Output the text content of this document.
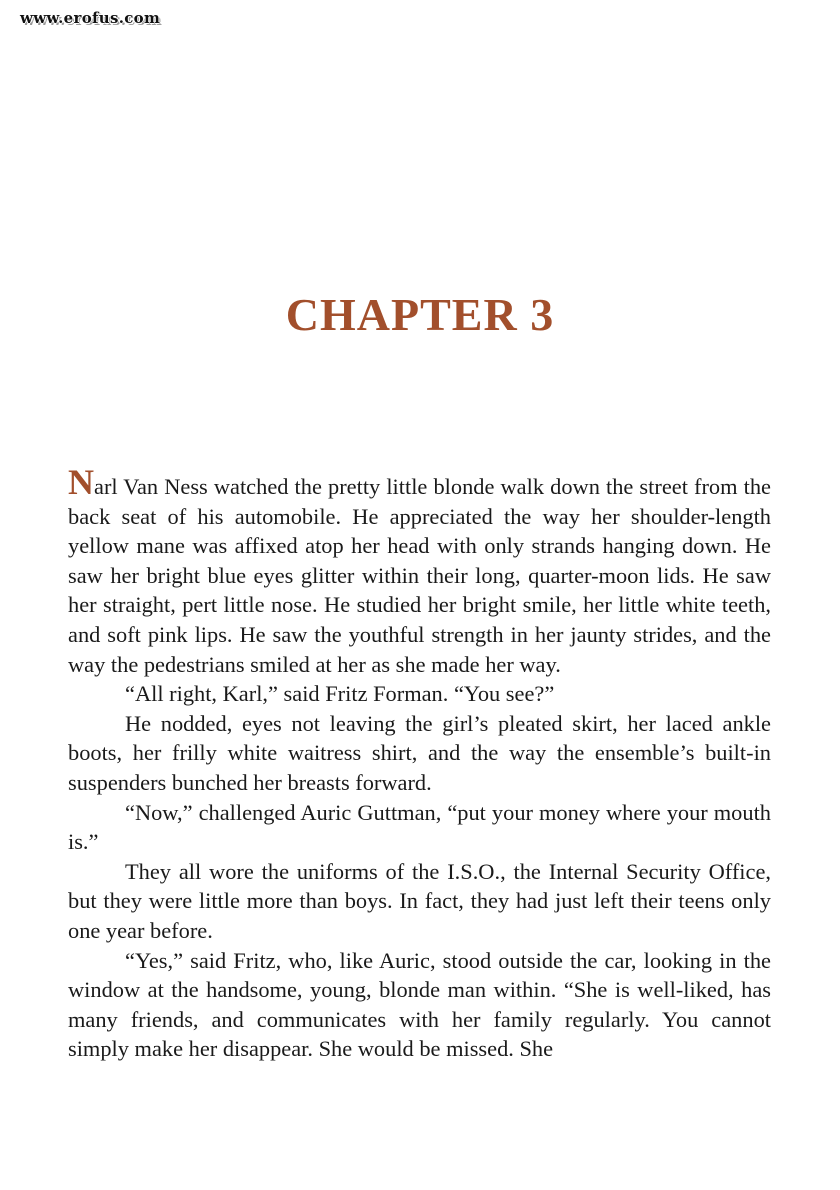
www.erofus.com
CHAPTER 3

Narl Van Ness watched the pretty little blonde walk down the street from the back seat of his automobile. He appreciated the way her shoulder-length yellow mane was affixed atop her head with only strands hanging down. He saw her bright blue eyes glitter within their long, quarter-moon lids. He saw her straight, pert little nose. He studied her bright smile, her little white teeth, and soft pink lips. He saw the youthful strength in her jaunty strides, and the way the pedestrians smiled at her as she made her way.

“All right, Karl,” said Fritz Forman. “You see?”

He nodded, eyes not leaving the girl’s pleated skirt, her laced ankle boots, her frilly white waitress shirt, and the way the ensemble’s built-in suspenders bunched her breasts forward.

“Now,” challenged Auric Guttman, “put your money where your mouth is.”

They all wore the uniforms of the I.S.O., the Internal Security Office, but they were little more than boys. In fact, they had just left their teens only one year before.

“Yes,” said Fritz, who, like Auric, stood outside the car, looking in the window at the handsome, young, blonde man within. “She is well-liked, has many friends, and communicates with her family regularly. You cannot simply make her disappear. She would be missed. She
